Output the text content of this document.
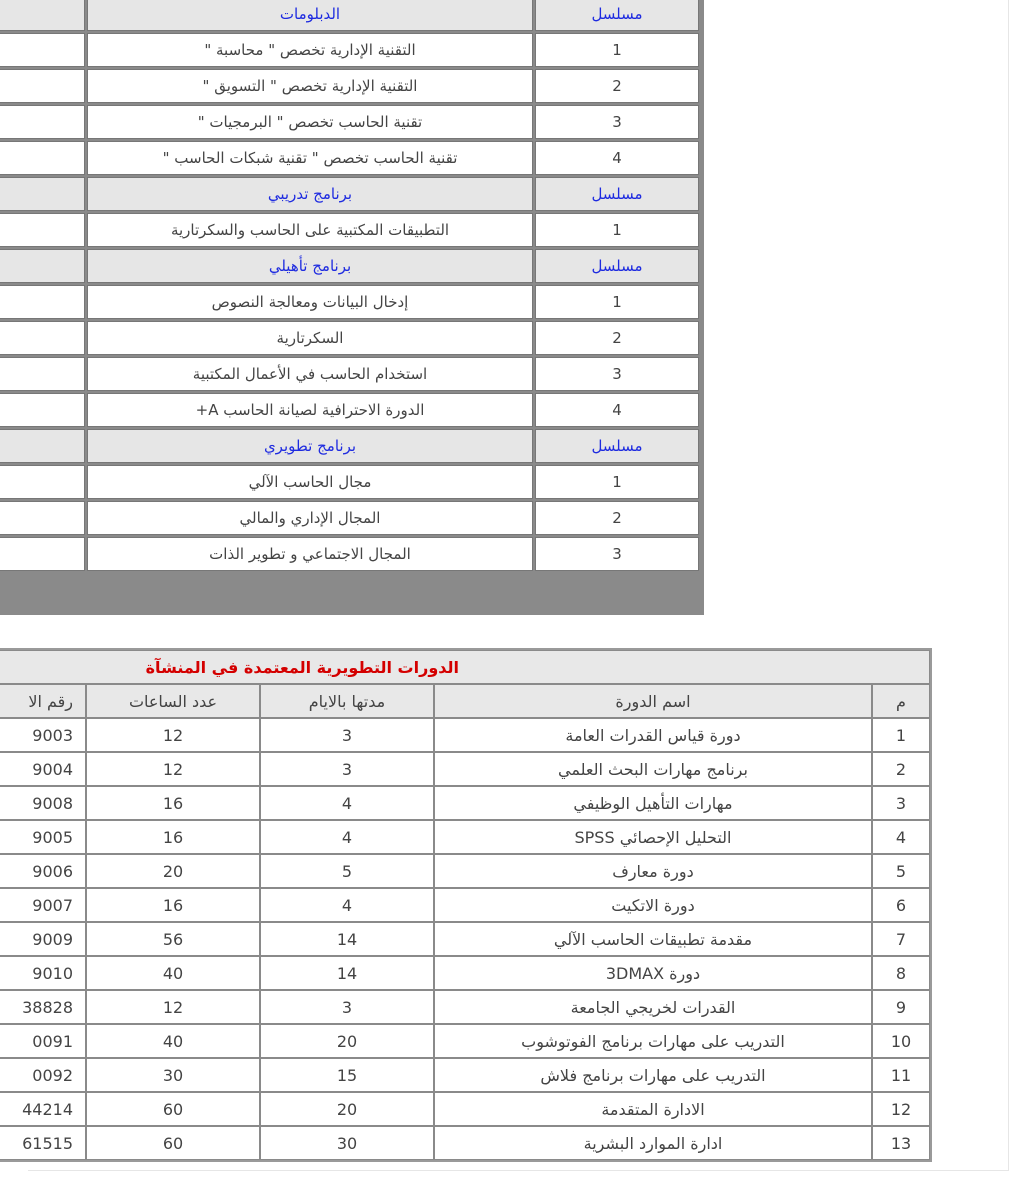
مسلسل	الدبلومات	
1	التقنية الإدارية تخصص " محاسبة "	
2	التقنية الإدارية تخصص " التسويق "	
3	تقنية الحاسب تخصص " البرمجيات "	
4	تقنية الحاسب تخصص " تقنية شبكات الحاسب "	
مسلسل	برنامج تدريبي	
1	التطبيقات المكتبية على الحاسب والسكرتارية	
مسلسل	برنامج تأهيلي	
1	إدخال البيانات ومعالجة النصوص	
2	السكرتارية	
3	استخدام الحاسب في الأعمال المكتبية	
4	الدورة الاحترافية لصيانة الحاسب A+	
مسلسل	برنامج تطويري	
1	مجال الحاسب الآلي	
2	المجال الإداري والمالي	
3	المجال الاجتماعي و تطوير الذات	
الدورات التطويرية المعتمدة في المنشآة				
م	اسم الدورة	مدتها بالايام	عدد الساعات	رقم الا
1	دورة قياس القدرات العامة	3	12	9003
2	برنامج مهارات البحث العلمي	3	12	9004
3	مهارات التأهيل الوظيفي	4	16	9008
4	التحليل الإحصائي SPSS	4	16	9005
5	دورة معارف	5	20	9006
6	دورة الاتكيت	4	16	9007
7	مقدمة تطبيقات الحاسب الآلي	14	56	9009
8	دورة 3DMAX	14	40	9010
9	القدرات لخريجي الجامعة	3	12	38828
10	التدريب على مهارات برنامج الفوتوشوب	20	40	0091
11	التدريب على مهارات برنامج فلاش	15	30	0092
12	الادارة المتقدمة	20	60	44214
13	ادارة الموارد البشرية	30	60	61515
